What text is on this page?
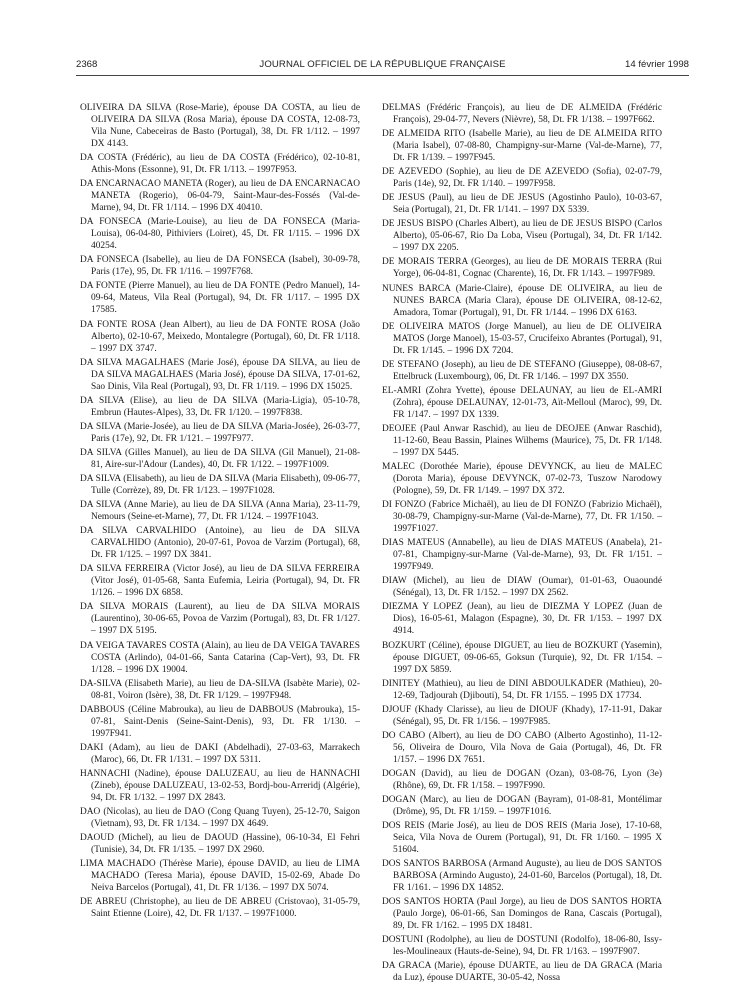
2368	JOURNAL OFFICIEL DE LA RÉPUBLIQUE FRANÇAISE	14 février 1998

OLIVEIRA DA SILVA (Rose-Marie), épouse DA COSTA, au lieu de OLIVEIRA DA SILVA (Rosa Maria), épouse DA COSTA, 12-08-73, Vila Nune, Cabeceiras de Basto (Portugal), 38, Dt. FR 1/112. – 1997 DX 4143.

DA COSTA (Frédéric), au lieu de DA COSTA (Frédérico), 02-10-81, Athis-Mons (Essonne), 91, Dt. FR 1/113. – 1997F953.

DA ENCARNACAO MANETA (Roger), au lieu de DA ENCARNACAO MANETA (Rogerio), 06-04-79, Saint-Maur-des-Fossés (Val-de-Marne), 94, Dt. FR 1/114. – 1996 DX 40410.

DA FONSECA (Marie-Louise), au lieu de DA FONSECA (Maria-Louisa), 06-04-80, Pithiviers (Loiret), 45, Dt. FR 1/115. – 1996 DX 40254.

DA FONSECA (Isabelle), au lieu de DA FONSECA (Isabel), 30-09-78, Paris (17e), 95, Dt. FR 1/116. – 1997F768.

DA FONTE (Pierre Manuel), au lieu de DA FONTE (Pedro Manuel), 14-09-64, Mateus, Vila Real (Portugal), 94, Dt. FR 1/117. – 1995 DX 17585.

DA FONTE ROSA (Jean Albert), au lieu de DA FONTE ROSA (João Alberto), 02-10-67, Meixedo, Montalegre (Portugal), 60, Dt. FR 1/118. – 1997 DX 3747.

DA SILVA MAGALHAES (Marie José), épouse DA SILVA, au lieu de DA SILVA MAGALHAES (Maria José), épouse DA SILVA, 17-01-62, Sao Dinis, Vila Real (Portugal), 93, Dt. FR 1/119. – 1996 DX 15025.

DA SILVA (Elise), au lieu de DA SILVA (Maria-Ligia), 05-10-78, Embrun (Hautes-Alpes), 33, Dt. FR 1/120. – 1997F838.

DA SILVA (Marie-Josée), au lieu de DA SILVA (Maria-Josée), 26-03-77, Paris (17e), 92, Dt. FR 1/121. – 1997F977.

DA SILVA (Gilles Manuel), au lieu de DA SILVA (Gil Manuel), 21-08-81, Aire-sur-l'Adour (Landes), 40, Dt. FR 1/122. – 1997F1009.

DA SILVA (Elisabeth), au lieu de DA SILVA (Maria Elisabeth), 09-06-77, Tulle (Corrèze), 89, Dt. FR 1/123. – 1997F1028.

DA SILVA (Anne Marie), au lieu de DA SILVA (Anna Maria), 23-11-79, Nemours (Seine-et-Marne), 77, Dt. FR 1/124. – 1997F1043.

DA SILVA CARVALHIDO (Antoine), au lieu de DA SILVA CARVALHIDO (Antonio), 20-07-61, Povoa de Varzim (Portugal), 68, Dt. FR 1/125. – 1997 DX 3841.

DA SILVA FERREIRA (Victor José), au lieu de DA SILVA FERREIRA (Vitor José), 01-05-68, Santa Eufemia, Leiria (Portugal), 94, Dt. FR 1/126. – 1996 DX 6858.

DA SILVA MORAIS (Laurent), au lieu de DA SILVA MORAIS (Laurentino), 30-06-65, Povoa de Varzim (Portugal), 83, Dt. FR 1/127. – 1997 DX 5195.

DA VEIGA TAVARES COSTA (Alain), au lieu de DA VEIGA TAVARES COSTA (Arlindo), 04-01-66, Santa Catarina (Cap-Vert), 93, Dt. FR 1/128. – 1996 DX 19004.

DA-SILVA (Elisabeth Marie), au lieu de DA-SILVA (Isabète Marie), 02-08-81, Voiron (Isère), 38, Dt. FR 1/129. – 1997F948.

DABBOUS (Céline Mabrouka), au lieu de DABBOUS (Mabrouka), 15-07-81, Saint-Denis (Seine-Saint-Denis), 93, Dt. FR 1/130. – 1997F941.

DAKI (Adam), au lieu de DAKI (Abdelhadi), 27-03-63, Marrakech (Maroc), 66, Dt. FR 1/131. – 1997 DX 5311.

HANNACHI (Nadine), épouse DALUZEAU, au lieu de HANNACHI (Zineb), épouse DALUZEAU, 13-02-53, Bordj-bou-Arreridj (Algérie), 94, Dt. FR 1/132. – 1997 DX 2843.

DAO (Nicolas), au lieu de DAO (Cong Quang Tuyen), 25-12-70, Saigon (Vietnam), 93, Dt. FR 1/134. – 1997 DX 4649.

DAOUD (Michel), au lieu de DAOUD (Hassine), 06-10-34, El Fehri (Tunisie), 34, Dt. FR 1/135. – 1997 DX 2960.

LIMA MACHADO (Thérèse Marie), épouse DAVID, au lieu de LIMA MACHADO (Teresa Maria), épouse DAVID, 15-02-69, Abade Do Neiva Barcelos (Portugal), 41, Dt. FR 1/136. – 1997 DX 5074.

DE ABREU (Christophe), au lieu de DE ABREU (Cristovao), 31-05-79, Saint Etienne (Loire), 42, Dt. FR 1/137. – 1997F1000.

DELMAS (Frédéric François), au lieu de DE ALMEIDA (Frédéric François), 29-04-77, Nevers (Nièvre), 58, Dt. FR 1/138. – 1997F662.

DE ALMEIDA RITO (Isabelle Marie), au lieu de DE ALMEIDA RITO (Maria Isabel), 07-08-80, Champigny-sur-Marne (Val-de-Marne), 77, Dt. FR 1/139. – 1997F945.

DE AZEVEDO (Sophie), au lieu de DE AZEVEDO (Sofia), 02-07-79, Paris (14e), 92, Dt. FR 1/140. – 1997F958.

DE JESUS (Paul), au lieu de DE JESUS (Agostinho Paulo), 10-03-67, Seia (Portugal), 21, Dt. FR 1/141. – 1997 DX 5339.

DE JESUS BISPO (Charles Albert), au lieu de DE JESUS BISPO (Carlos Alberto), 05-06-67, Rio Da Loba, Viseu (Portugal), 34, Dt. FR 1/142. – 1997 DX 2205.

DE MORAIS TERRA (Georges), au lieu de DE MORAIS TERRA (Rui Yorge), 06-04-81, Cognac (Charente), 16, Dt. FR 1/143. – 1997F989.

NUNES BARCA (Marie-Claire), épouse DE OLIVEIRA, au lieu de NUNES BARCA (Maria Clara), épouse DE OLIVEIRA, 08-12-62, Amadora, Tomar (Portugal), 91, Dt. FR 1/144. – 1996 DX 6163.

DE OLIVEIRA MATOS (Jorge Manuel), au lieu de DE OLIVEIRA MATOS (Jorge Manoel), 15-03-57, Crucifeixo Abrantes (Portugal), 91, Dt. FR 1/145. – 1996 DX 7204.

DE STEFANO (Joseph), au lieu de DE STEFANO (Giuseppe), 08-08-67, Ettelbruck (Luxembourg), 06, Dt. FR 1/146. – 1997 DX 3550.

EL-AMRI (Zohra Yvette), épouse DELAUNAY, au lieu de EL-AMRI (Zohra), épouse DELAUNAY, 12-01-73, Aït-Melloul (Maroc), 99, Dt. FR 1/147. – 1997 DX 1339.

DEOJEE (Paul Anwar Raschid), au lieu de DEOJEE (Anwar Raschid), 11-12-60, Beau Bassin, Plaines Wilhems (Maurice), 75, Dt. FR 1/148. – 1997 DX 5445.

MALEC (Dorothée Marie), épouse DEVYNCK, au lieu de MALEC (Dorota Maria), épouse DEVYNCK, 07-02-73, Tuszow Narodowy (Pologne), 59, Dt. FR 1/149. – 1997 DX 372.

DI FONZO (Fabrice Michaël), au lieu de DI FONZO (Fabrizio Michaël), 30-08-79, Champigny-sur-Marne (Val-de-Marne), 77, Dt. FR 1/150. – 1997F1027.

DIAS MATEUS (Annabelle), au lieu de DIAS MATEUS (Anabela), 21-07-81, Champigny-sur-Marne (Val-de-Marne), 93, Dt. FR 1/151. – 1997F949.

DIAW (Michel), au lieu de DIAW (Oumar), 01-01-63, Ouaoundé (Sénégal), 13, Dt. FR 1/152. – 1997 DX 2562.

DIEZMA Y LOPEZ (Jean), au lieu de DIEZMA Y LOPEZ (Juan de Dios), 16-05-61, Malagon (Espagne), 30, Dt. FR 1/153. – 1997 DX 4914.

BOZKURT (Céline), épouse DIGUET, au lieu de BOZKURT (Yasemin), épouse DIGUET, 09-06-65, Goksun (Turquie), 92, Dt. FR 1/154. – 1997 DX 5859.

DINITEY (Mathieu), au lieu de DINI ABDOULKADER (Mathieu), 20-12-69, Tadjourah (Djibouti), 54, Dt. FR 1/155. – 1995 DX 17734.

DJOUF (Khady Clarisse), au lieu de DIOUF (Khady), 17-11-91, Dakar (Sénégal), 95, Dt. FR 1/156. – 1997F985.

DO CABO (Albert), au lieu de DO CABO (Alberto Agostinho), 11-12-56, Oliveira de Douro, Vila Nova de Gaia (Portugal), 46, Dt. FR 1/157. – 1996 DX 7651.

DOGAN (David), au lieu de DOGAN (Ozan), 03-08-76, Lyon (3e) (Rhône), 69, Dt. FR 1/158. – 1997F990.

DOGAN (Marc), au lieu de DOGAN (Bayram), 01-08-81, Montélimar (Drôme), 95, Dt. FR 1/159. – 1997F1016.

DOS REIS (Marie José), au lieu de DOS REIS (Maria Jose), 17-10-68, Seica, Vila Nova de Ourem (Portugal), 91, Dt. FR 1/160. – 1995 X 51604.

DOS SANTOS BARBOSA (Armand Auguste), au lieu de DOS SANTOS BARBOSA (Armindo Augusto), 24-01-60, Barcelos (Portugal), 18, Dt. FR 1/161. – 1996 DX 14852.

DOS SANTOS HORTA (Paul Jorge), au lieu de DOS SANTOS HORTA (Paulo Jorge), 06-01-66, San Domingos de Rana, Cascais (Portugal), 89, Dt. FR 1/162. – 1995 DX 18481.

DOSTUNI (Rodolphe), au lieu de DOSTUNI (Rodolfo), 18-06-80, Issy-les-Moulineaux (Hauts-de-Seine), 94, Dt. FR 1/163. – 1997F907.

DA GRACA (Marie), épouse DUARTE, au lieu de DA GRACA (Maria da Luz), épouse DUARTE, 30-05-42, Nossa
